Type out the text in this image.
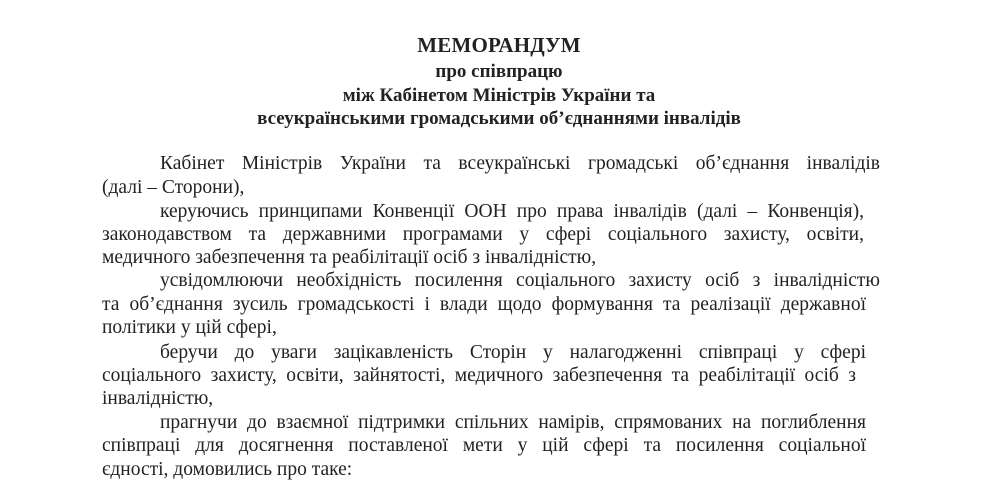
МЕМОРАНДУМ

про співпрацю

між Кабінетом Міністрів України та

всеукраїнськими громадськими об’єднаннями інвалідів

Кабінет Міністрів України та всеукраїнські громадські об’єднання інвалідів

(далі – Сторони),

керуючись принципами Конвенції ООН про права інвалідів (далі – Конвенція),

законодавством та державними програмами у сфері соціального захисту, освіти,

медичного забезпечення та реабілітації осіб з інвалідністю,

усвідомлюючи необхідність посилення соціального захисту осіб з інвалідністю

та об’єднання зусиль громадськості і влади щодо формування та реалізації державної

політики у цій сфері,

беручи до уваги зацікавленість Сторін у налагодженні співпраці у сфері

соціального захисту, освіти, зайнятості, медичного забезпечення та реабілітації осіб з

інвалідністю,

прагнучи до взаємної підтримки спільних намірів, спрямованих на поглиблення

співпраці для досягнення поставленої мети у цій сфері та посилення соціальної

єдності, домовились про таке:
